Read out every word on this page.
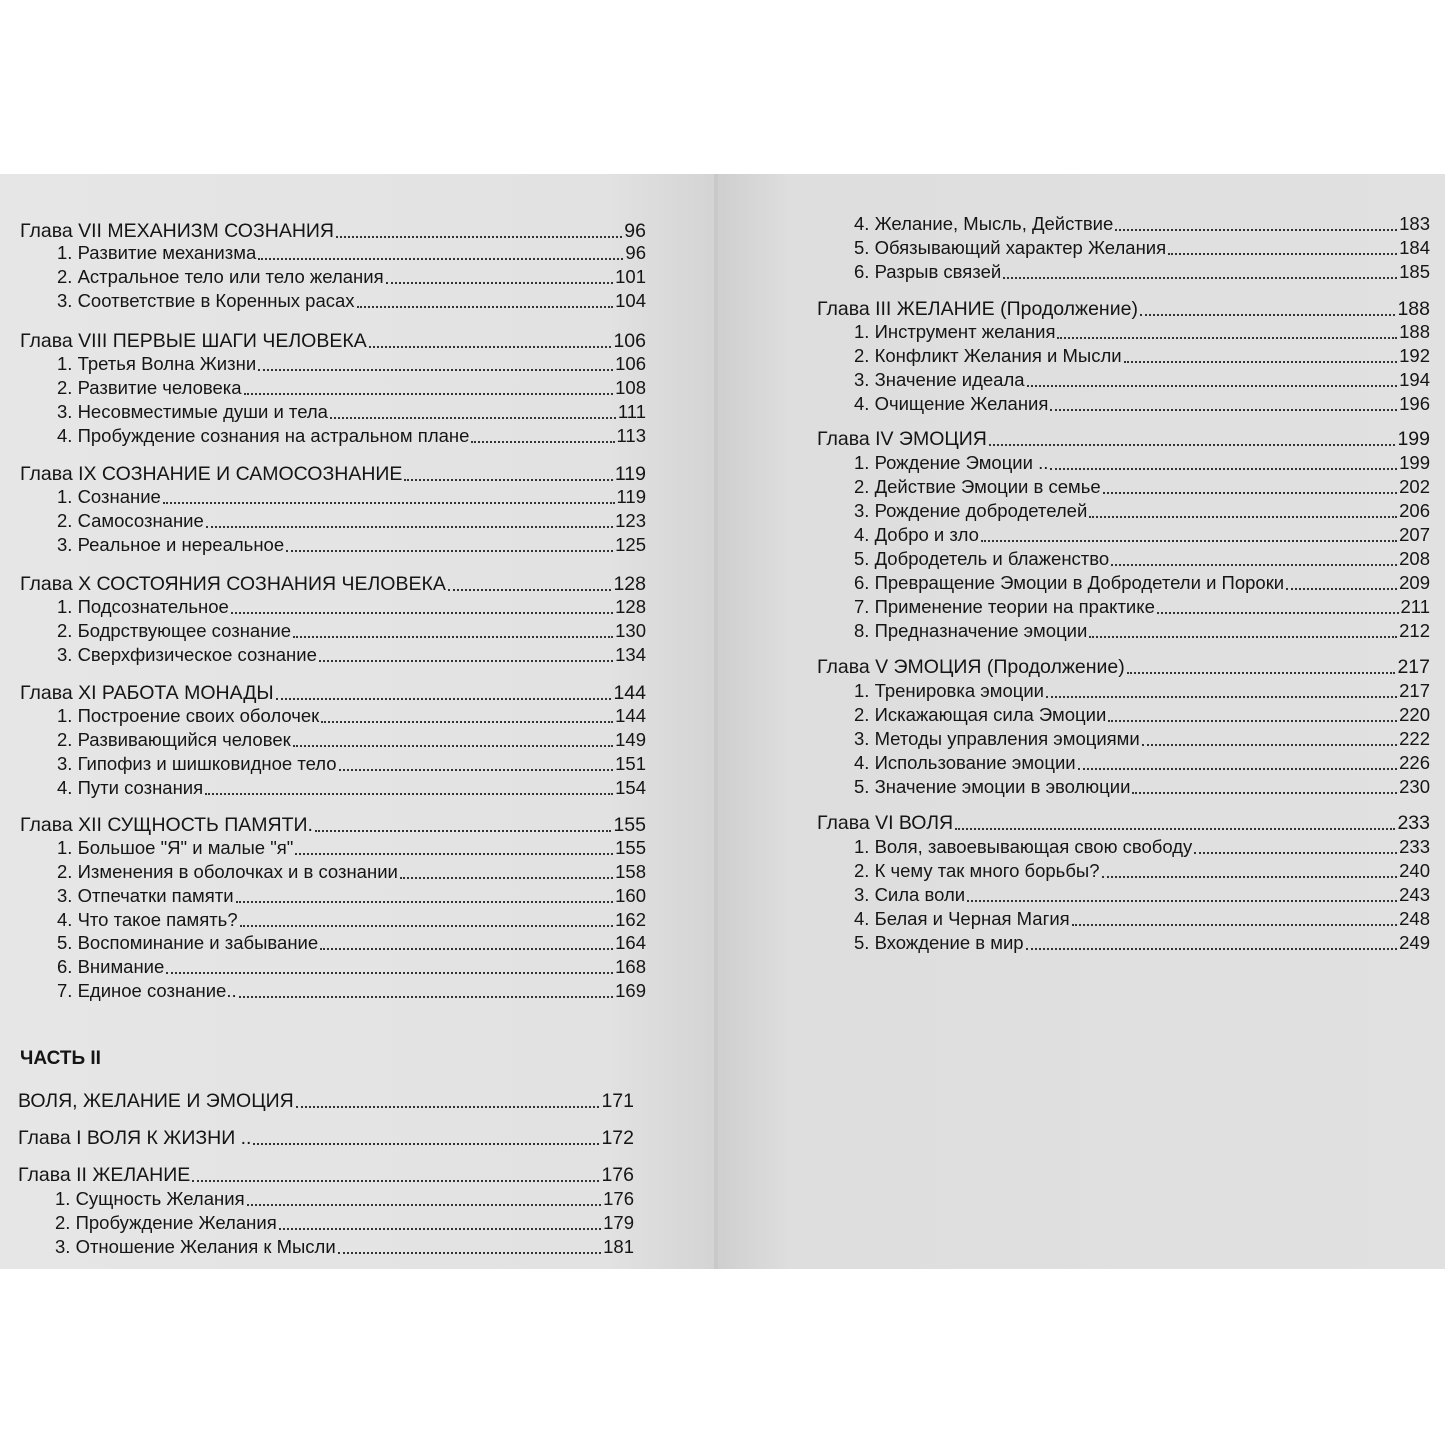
Глава VII МЕХАНИЗМ СОЗНАНИЯ	96
1. Развитие механизма	96
2. Астральное тело или тело желания	101
3. Соответствие в Коренных расах	104
Глава VIII ПЕРВЫЕ ШАГИ ЧЕЛОВЕКА	106
1. Третья Волна Жизни	106
2. Развитие человека	108
3. Несовместимые души и тела	111
4. Пробуждение сознания на астральном плане	113
Глава IX СОЗНАНИЕ И САМОСОЗНАНИЕ	119
1. Сознание	119
2. Самосознание	123
3. Реальное и нереальное	125
Глава X СОСТОЯНИЯ СОЗНАНИЯ ЧЕЛОВЕКА	128
1. Подсознательное	128
2. Бодрствующее сознание	130
3. Сверхфизическое сознание	134
Глава XI РАБОТА МОНАДЫ	144
1. Построение своих оболочек	144
2. Развивающийся человек	149
3. Гипофиз и шишковидное тело	151
4. Пути сознания	154
Глава XII СУЩНОСТЬ ПАМЯТИ.	155
1. Большое "Я" и малые "я"	155
2. Изменения в оболочках и в сознании	158
3. Отпечатки памяти	160
4. Что такое память?	162
5. Воспоминание и забывание	164
6. Внимание	168
7. Единое сознание..	169
ЧАСТЬ II
ВОЛЯ, ЖЕЛАНИЕ И ЭМОЦИЯ	171
Глава I ВОЛЯ К ЖИЗНИ ..	172
Глава II ЖЕЛАНИЕ	176
1. Сущность Желания	176
2. Пробуждение Желания	179
3. Отношение Желания к Мысли	181
4. Желание, Мысль, Действие	183
5. Обязывающий характер Желания	184
6. Разрыв связей	185
Глава III ЖЕЛАНИЕ (Продолжение)	188
1. Инструмент желания	188
2. Конфликт Желания и Мысли	192
3. Значение идеала	194
4. Очищение Желания	196
Глава IV ЭМОЦИЯ	199
1. Рождение Эмоции ..	199
2. Действие Эмоции в семье	202
3. Рождение добродетелей	206
4. Добро и зло	207
5. Добродетель и блаженство	208
6. Превращение Эмоции в Добродетели и Пороки	209
7. Применение теории на практике	211
8. Предназначение эмоции	212
Глава V ЭМОЦИЯ (Продолжение)	217
1. Тренировка эмоции	217
2. Искажающая сила Эмоции	220
3. Методы управления эмоциями	222
4. Использование эмоции	226
5. Значение эмоции в эволюции	230
Глава VI ВОЛЯ	233
1. Воля, завоевывающая свою свободу	233
2. К чему так много борьбы?	240
3. Сила воли	243
4. Белая и Черная Магия	248
5. Вхождение в мир	249
